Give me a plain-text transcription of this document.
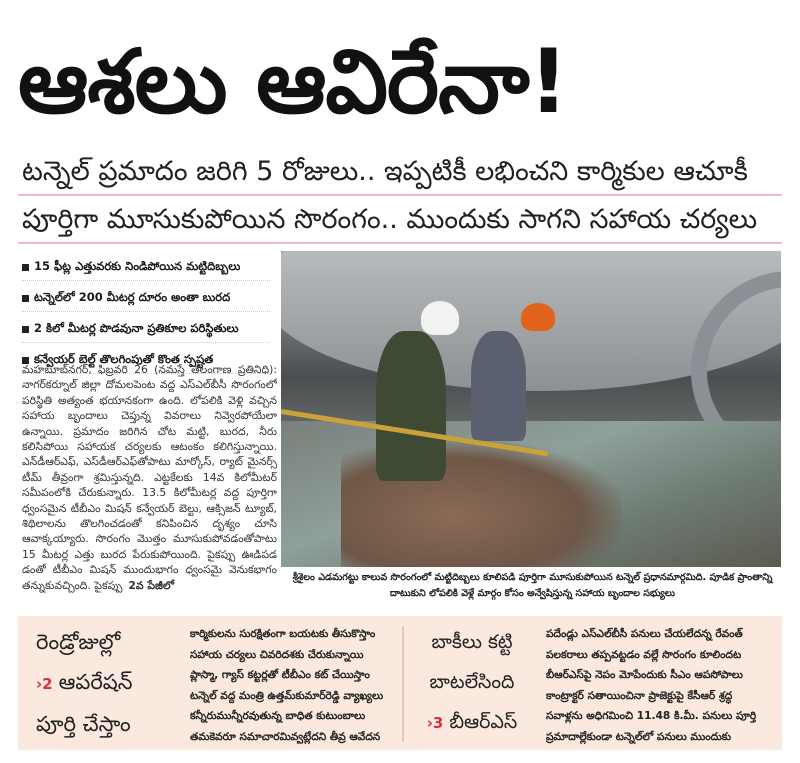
ఆశలు ఆవిరేనా!
టన్నెల్ ప్రమాదం జరిగి 5 రోజులు.. ఇప్పటికీ లభించని కార్మికుల ఆచూకీ
పూర్తిగా మూసుకుపోయిన సొరంగం.. ముందుకు సాగని సహాయ చర్యలు
15 ఫీట్ల ఎత్తువరకు నిండిపోయిన మట్టిదిబ్బలు
టన్నెల్‌లో 200 మీటర్ల దూరం అంతా బురద
2 కిలో మీటర్ల పొడవునా ప్రతికూల పరిస్థితులు
కన్వేయర్ బెల్ట్ తొలగింపుతో కొంత స్పష్టత
మహబూబ్‌నగర్, ఫిబ్రవరి 26 (నమస్తే తెలంగాణ ప్రతినిధి): నాగర్‌కర్నూల్ జిల్లా దోమలపెంట వద్ద ఎస్‌ఎల్‌బీసీ సొరంగంలో పరిస్థితి అత్యంత భయానకంగా ఉంది. లోపలికి వెళ్లి వచ్చిన సహాయ బృందాలు చెప్తున్న వివరాలు నివ్వెరపోయేలా ఉన్నాయి. ప్రమాదం జరిగిన చోట మట్టి, బురద, నీరు కలిసిపోయి సహాయక చర్యలకు ఆటంకం కలిగిస్తున్నాయి. ఎన్‌డీఆర్‌ఎఫ్, ఎస్‌డీఆర్‌ఎఫ్‌తోపాటు మార్కోస్, ర్యాట్ మైనర్స్ టీమ్ తీవ్రంగా శ్రమిస్తున్నది. ఎట్టకేలకు 14వ కిలోమీటర్ సమీపంలోకి చేరుకున్నారు. 13.5 కిలోమీటర్ల వద్ద పూర్తిగా ధ్వంసమైన టీబీఎం మిషన్ కన్వేయర్ బెల్టు, ఆక్సిజన్ ట్యూబ్, శిథిలాలను తొలగించడంతో కనిపించిన దృశ్యం చూసి ఆవాక్కయ్యారు. సొరంగం మొత్తం మూసుకుపోవడంతోపాటు 15 మీటర్ల ఎత్తు బురద పేరుకుపోయింది. పైకప్పు ఊడిపడ డంతో టీబీఎం మిషన్ ముందుభాగం ధ్వంసమై వెనుకభాగం తన్నుకువచ్చింది. పైకప్పు 2వ పేజీలో
శ్రీశైలం ఎడమగట్టు కాలువ సొరంగంలో మట్టిదిబ్బలు కూలిపడి పూర్తిగా మూసుకుపోయిన టన్నెల్ ప్రధానమార్గమిది. పూడిక ప్రాంతాన్ని దాటుకుని లోపలికి వెళ్లే మార్గం కోసం అన్వేషిస్తున్న సహాయ బృందాల సభ్యులు
రెండ్రోజుల్లో
›2 ఆపరేషన్
పూర్తి చేస్తాం
కార్మికులను సురక్షితంగా బయటకు తీసుకొస్తాం
సహాయ చర్యలు చివరిదశకు చేరుకున్నాయి
ప్లాస్మా, గ్యాస్ కట్టర్లతో టీబీఎం కట్ చేయిస్తాం
టన్నెల్ వద్ద మంత్రి ఉత్తమ్‌కుమార్‌రెడ్డి వ్యాఖ్యలు
కన్నీరుమున్నీరవుతున్న బాధిత కుటుంబాలు
తమకెవరూ సమాచారమివ్వట్లేదని తీవ్ర ఆవేదన
బాకీలు కట్టి
బాటలేసింది
›3 బీఆర్‌ఎస్
పదేండ్లు ఎస్‌ఎల్‌బీసీ పనులు చేయలేదన్న రేవంత్
పలకరాలు తప్పవట్టడం వల్లే సొరంగం కూలిందట
బీఆర్‌ఎస్‌పై నెపం మోపేందుకు సీఎం ఆపసోపాలు
కాంట్రాక్టర్ సతాయించినా ప్రాజెక్టుపై కేసీఆర్ శ్రద్ధ
సవాళ్లను అధిగమించి 11.48 కి.మీ. పనులు పూర్తి
ప్రమాదాల్లేకుండా టన్నెల్‌లో పనులు ముందుకు
